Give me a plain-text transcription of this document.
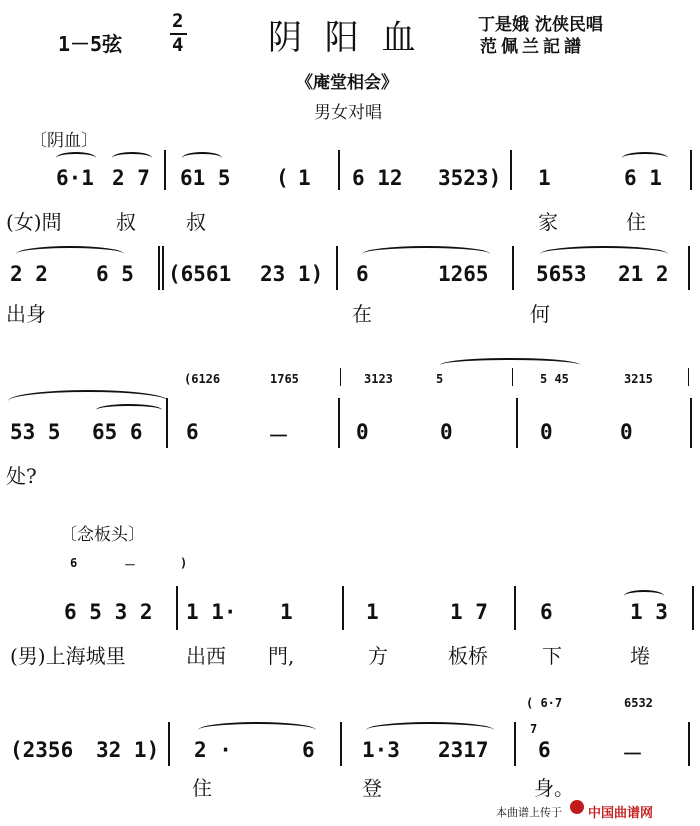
1－5弦
2
4 阴 阳 血	丁是娥 沈侠民唱
范佩兰記譜
《庵堂相会》
男女对唱
〔阴血〕
6·1 2 7 61 5 ( 1 6 12 3523) 1	6 1
(女)問	叔	叔	家	住
2 2 6 5 (6561 23 1) 6	1265 5653 21 2
出身	在	何
(6126	1765	3123	5	5 45	3215
53 5 65 6 6	－	0	0	0	0
处?
〔念板头〕
6	－	)
6 5 3 2 1 1· 1	1	1 7 6	1 3
(男)上海城里	出西 門,	方	板桥	下	埢
( 6·7	6532
(2356 32 1) 2 ·	6 1·3 2317
7
6	－
住	登	身。
本曲谱上传于 中国曲谱网
